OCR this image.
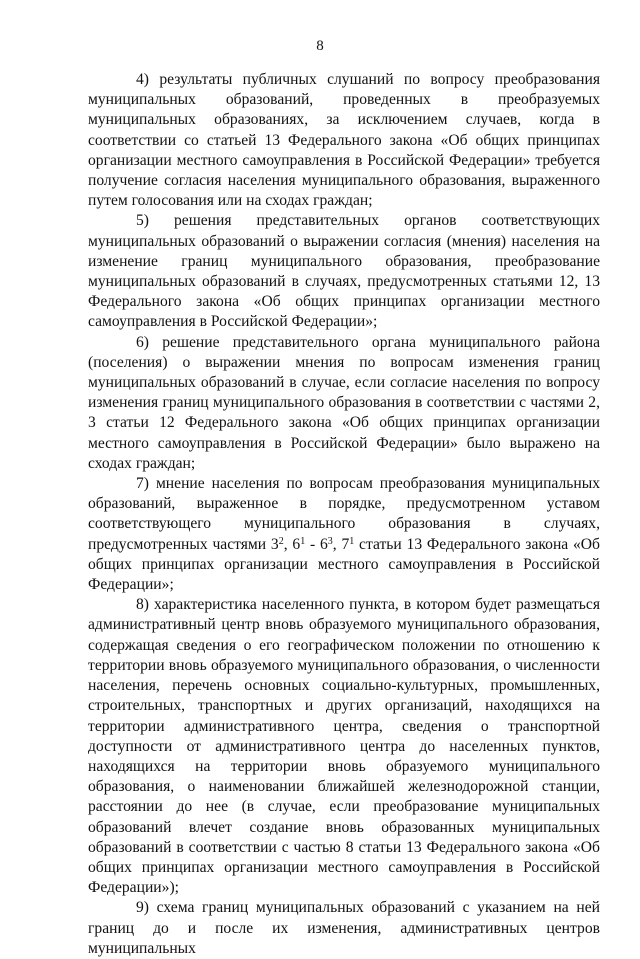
8

4) результаты публичных слушаний по вопросу преобразования муниципальных образований, проведенных в преобразуемых муниципальных образованиях, за исключением случаев, когда в соответствии со статьей 13 Федерального закона «Об общих принципах организации местного самоуправления в Российской Федерации» требуется получение согласия населения муниципального образования, выраженного путем голосования или на сходах граждан;

5) решения представительных органов соответствующих муниципальных образований о выражении согласия (мнения) населения на изменение границ муниципального образования, преобразование муниципальных образований в случаях, предусмотренных статьями 12, 13 Федерального закона «Об общих принципах организации местного самоуправления в Российской Федерации»;

6) решение представительного органа муниципального района (поселения) о выражении мнения по вопросам изменения границ муниципальных образований в случае, если согласие населения по вопросу изменения границ муниципального образования в соответствии с частями 2, 3 статьи 12 Федерального закона «Об общих принципах организации местного самоуправления в Российской Федерации» было выражено на сходах граждан;

7) мнение населения по вопросам преобразования муниципальных образований, выраженное в порядке, предусмотренном уставом соответствующего муниципального образования в случаях, предусмотренных частями $3^2$, $6^1 - 6^3$, $7^1$ статьи 13 Федерального закона «Об общих принципах организации местного самоуправления в Российской Федерации»;

8) характеристика населенного пункта, в котором будет размещаться административный центр вновь образуемого муниципального образования, содержащая сведения о его географическом положении по отношению к территории вновь образуемого муниципального образования, о численности населения, перечень основных социально-культурных, промышленных, строительных, транспортных и других организаций, находящихся на территории административного центра, сведения о транспортной доступности от административного центра до населенных пунктов, находящихся на территории вновь образуемого муниципального образования, о наименовании ближайшей железнодорожной станции, расстоянии до нее (в случае, если преобразование муниципальных образований влечет создание вновь образованных муниципальных образований в соответствии с частью 8 статьи 13 Федерального закона «Об общих принципах организации местного самоуправления в Российской Федерации»);

9) схема границ муниципальных образований с указанием на ней границ до и после их изменения, административных центров муниципальных
